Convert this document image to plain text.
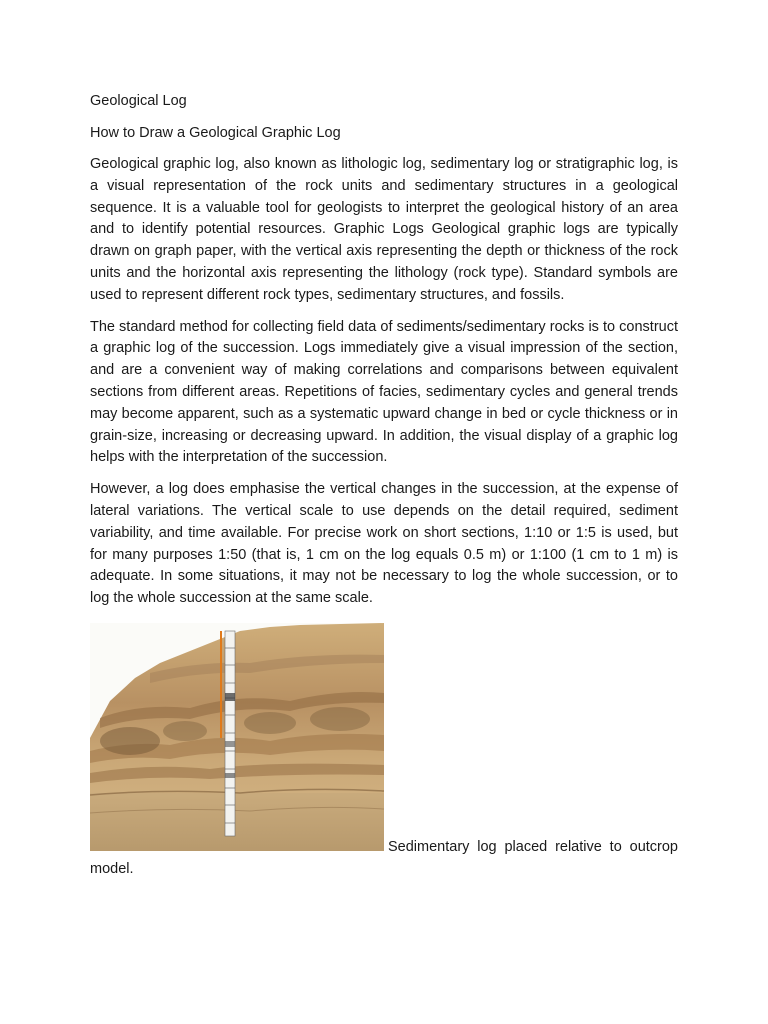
Geological Log
How to Draw a Geological Graphic Log

Geological graphic log, also known as lithologic log, sedimentary log or stratigraphic log, is a visual representation of the rock units and sedimentary structures in a geological sequence. It is a valuable tool for geologists to interpret the geological history of an area and to identify potential resources. Graphic Logs Geological graphic logs are typically drawn on graph paper, with the vertical axis representing the depth or thickness of the rock units and the horizontal axis representing the lithology (rock type). Standard symbols are used to represent different rock types, sedimentary structures, and fossils.

The standard method for collecting field data of sediments/sedimentary rocks is to construct a graphic log of the succession. Logs immediately give a visual impression of the section, and are a convenient way of making correlations and comparisons between equivalent sections from different areas. Repetitions of facies, sedimentary cycles and general trends may become apparent, such as a systematic upward change in bed or cycle thickness or in grain-size, increasing or decreasing upward. In addition, the visual display of a graphic log helps with the interpretation of the succession.

However, a log does emphasise the vertical changes in the succession, at the expense of lateral variations. The vertical scale to use depends on the detail required, sediment variability, and time available. For precise work on short sections, 1:10 or 1:5 is used, but for many purposes 1:50 (that is, 1 cm on the log equals 0.5 m) or 1:100 (1 cm to 1 m) is adequate. In some situations, it may not be necessary to log the whole succession, or to log the whole succession at the same scale.

Sedimentary log placed relative to outcrop
model.
